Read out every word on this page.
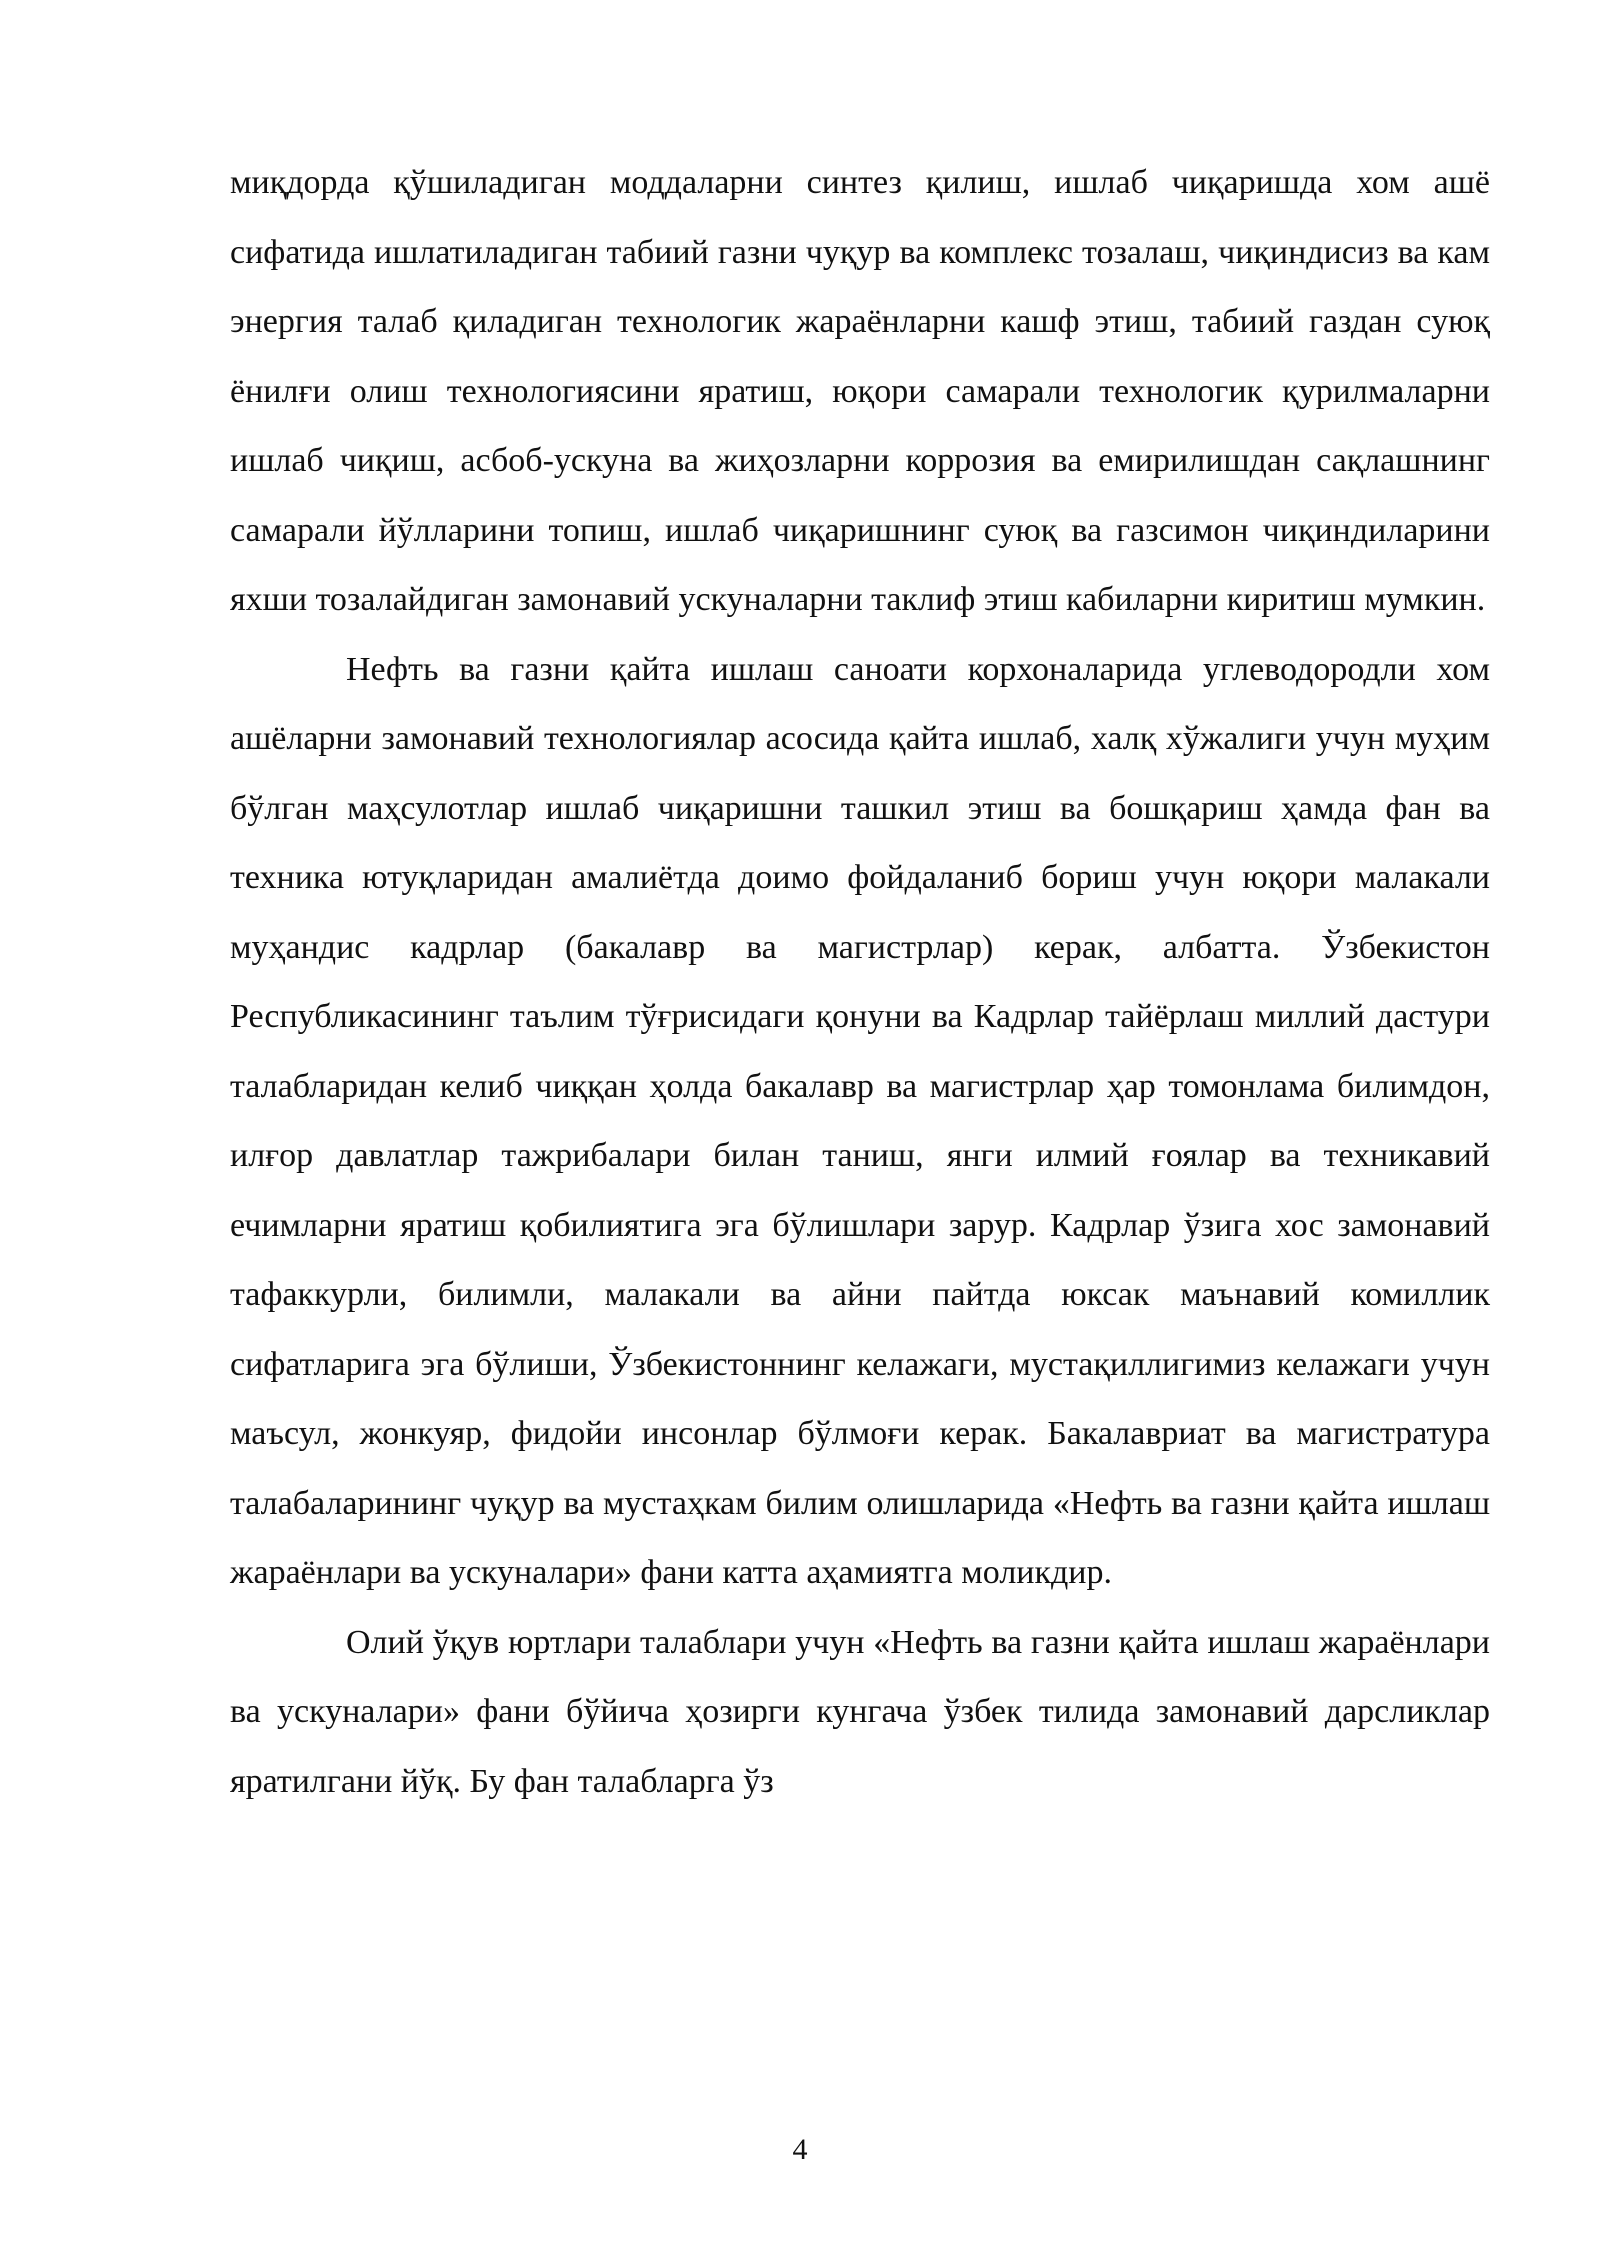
миқдорда қўшиладиган моддаларни синтез қилиш, ишлаб чиқаришда хом ашё сифатида ишлатиладиган табиий газни чуқур ва комплекс тозалаш, чиқиндисиз ва кам энергия талаб қиладиган технологик жараёнларни кашф этиш, табиий газдан суюқ ёнилғи олиш технологиясини яратиш, юқори самарали технологик қурилмаларни ишлаб чиқиш, асбоб-ускуна ва жиҳозларни коррозия ва емирилишдан сақлашнинг самарали йўлларини топиш, ишлаб чиқаришнинг суюқ ва газсимон чиқиндиларини яхши тозалайдиган замонавий ускуналарни таклиф этиш кабиларни киритиш мумкин.

Нефть ва газни қайта ишлаш саноати корхоналарида углеводородли хом ашёларни замонавий технологиялар асосида қайта ишлаб, халқ хўжалиги учун муҳим бўлган маҳсулотлар ишлаб чиқаришни ташкил этиш ва бошқариш ҳамда фан ва техника ютуқларидан амалиётда доимо фойдаланиб бориш учун юқори малакали муҳандис кадрлар (бакалавр ва магистрлар) керак, албатта. Ўзбекистон Республикасининг таълим тўғрисидаги қонуни ва Кадрлар тайёрлаш миллий дастури талабларидан келиб чиққан ҳолда бакалавр ва магистрлар ҳар томонлама билимдон, илғор давлатлар тажрибалари билан таниш, янги илмий ғоялар ва техникавий ечимларни яратиш қобилиятига эга бўлишлари зарур. Кадрлар ўзига хос замонавий тафаккурли, билимли, малакали ва айни пайтда юксак маънавий комиллик сифатларига эга бўлиши, Ўзбекистоннинг келажаги, мустақиллигимиз келажаги учун маъсул, жонкуяр, фидойи инсонлар бўлмоғи керак. Бакалавриат ва магистратура талабаларининг чуқур ва мустаҳкам билим олишларида «Нефть ва газни қайта ишлаш жараёнлари ва ускуналари» фани катта аҳамиятга моликдир.

Олий ўқув юртлари талаблари учун «Нефть ва газни қайта ишлаш жараёнлари ва ускуналари» фани бўйича ҳозирги кунгача ўзбек тилида замонавий дарсликлар яратилгани йўқ. Бу фан талабларга ўз

4
